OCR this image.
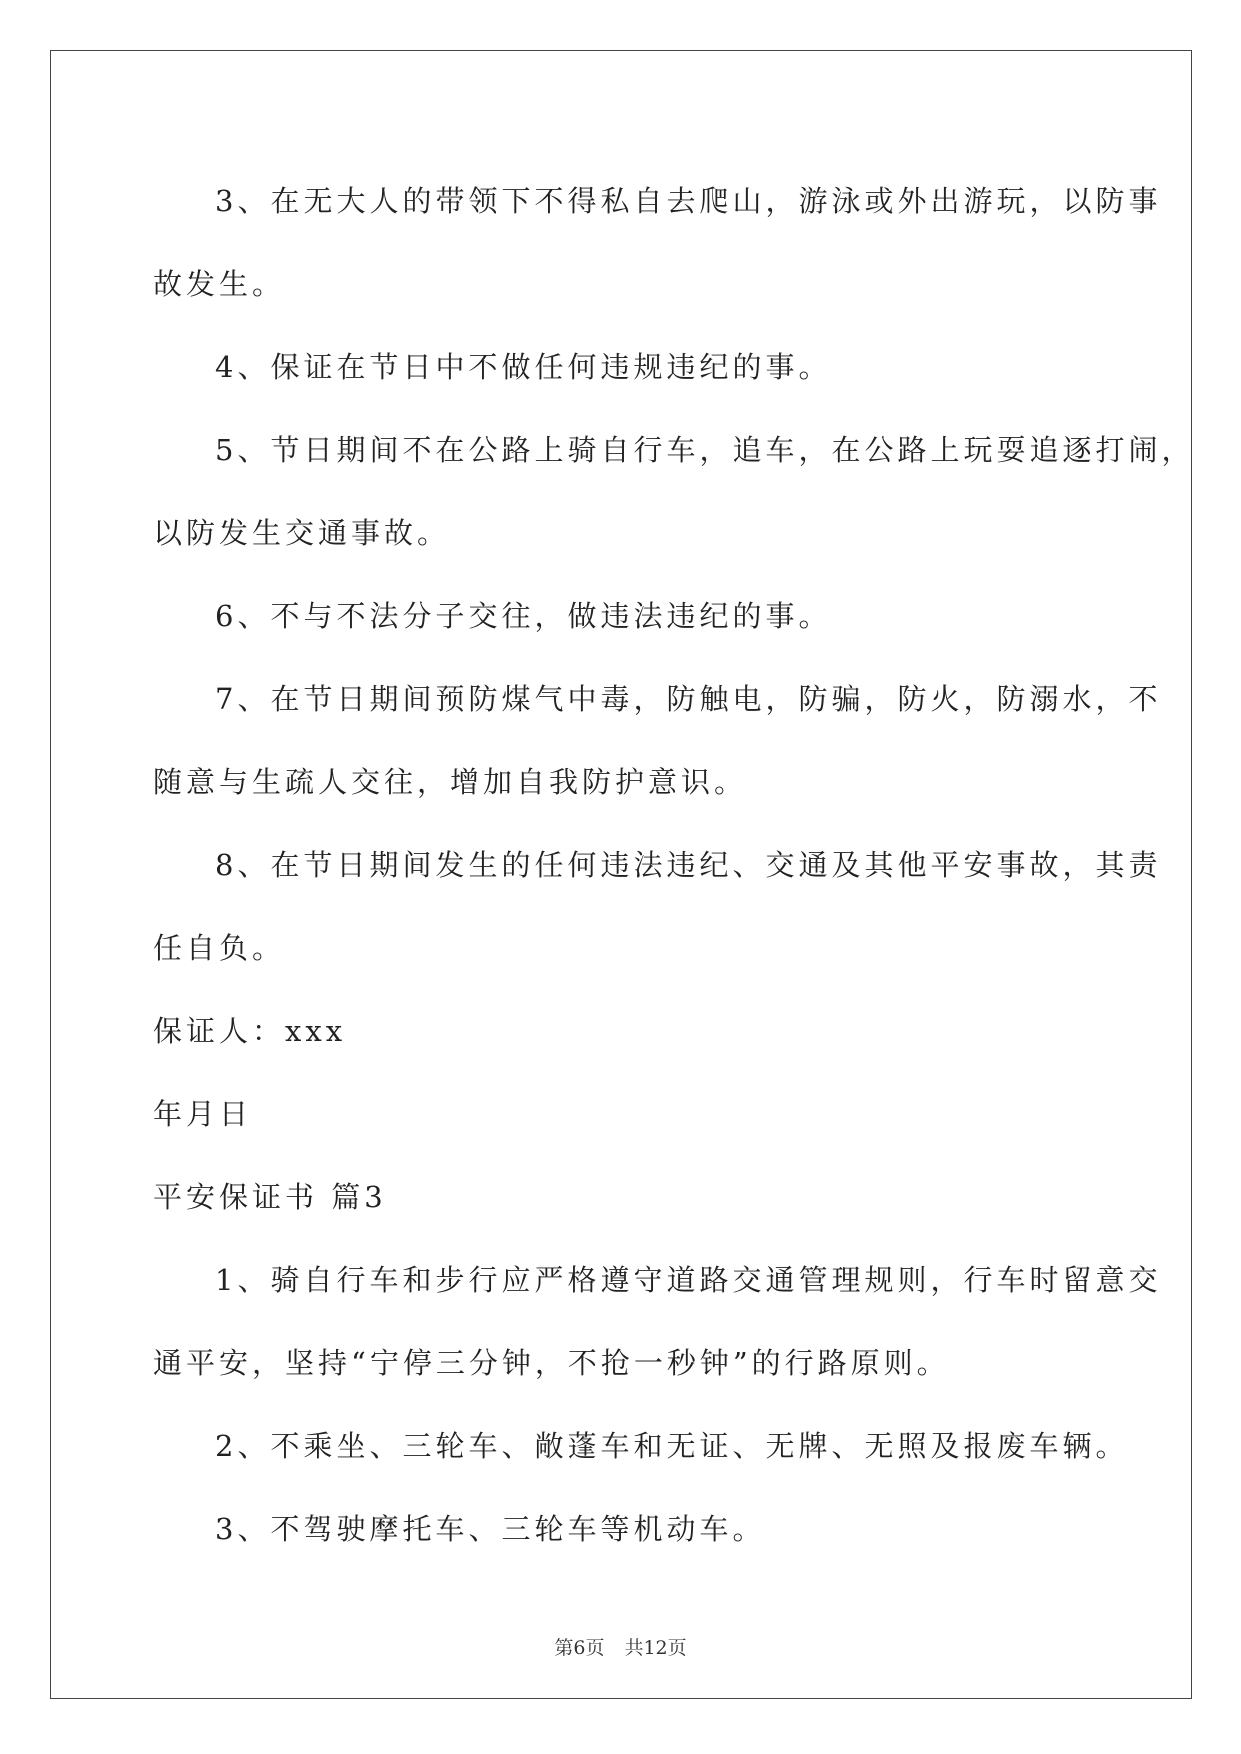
3、在无大人的带领下不得私自去爬山，游泳或外出游玩，以防事

故发生。

4、保证在节日中不做任何违规违纪的事。

5、节日期间不在公路上骑自行车，追车，在公路上玩耍追逐打闹，

以防发生交通事故。

6、不与不法分子交往，做违法违纪的事。

7、在节日期间预防煤气中毒，防触电，防骗，防火，防溺水，不

随意与生疏人交往，增加自我防护意识。

8、在节日期间发生的任何违法违纪、交通及其他平安事故，其责

任自负。

保证人：xxx

年月日

平安保证书 篇3

1、骑自行车和步行应严格遵守道路交通管理规则，行车时留意交

通平安，坚持“宁停三分钟，不抢一秒钟”的行路原则。

2、不乘坐、三轮车、敞蓬车和无证、无牌、无照及报废车辆。

3、不驾驶摩托车、三轮车等机动车。

第6页 共12页
